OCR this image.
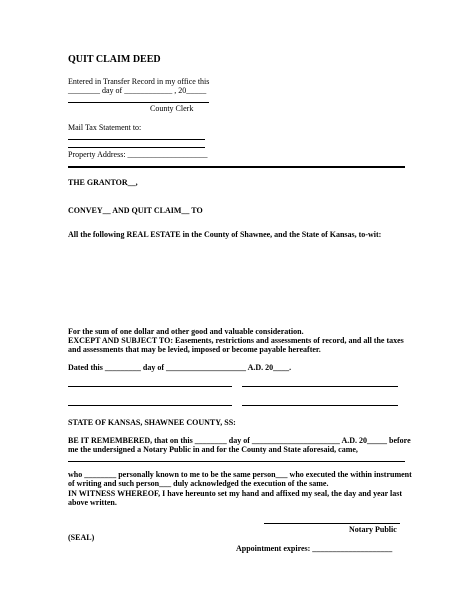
QUIT CLAIM DEED
Entered in Transfer Record in my office this
________ day of ____________ , 20_____
County Clerk
Mail Tax Statement to:
Property Address: ____________________
THE GRANTOR__,
CONVEY__ AND QUIT CLAIM__ TO
All the following REAL ESTATE in the County of Shawnee, and the State of Kansas, to-wit:
For the sum of one dollar and other good and valuable consideration.
EXCEPT AND SUBJECT TO: Easements, restrictions and assessments of record, and all the taxes
and assessments that may be levied, imposed or become payable hereafter.
Dated this _________ day of ____________________ A.D. 20____.
STATE OF KANSAS, SHAWNEE COUNTY, SS:
BE IT REMEMBERED, that on this ________ day of ______________________ A.D. 20_____ before
me the undersigned a Notary Public in and for the County and State aforesaid, came,
who ________ personally known to me to be the same person___ who executed the within instrument
of writing and such person___ duly acknowledged the execution of the same.
IN WITNESS WHEREOF, I have hereunto set my hand and affixed my seal, the day and year last
above written.
Notary Public
(SEAL)
Appointment expires: ____________________
